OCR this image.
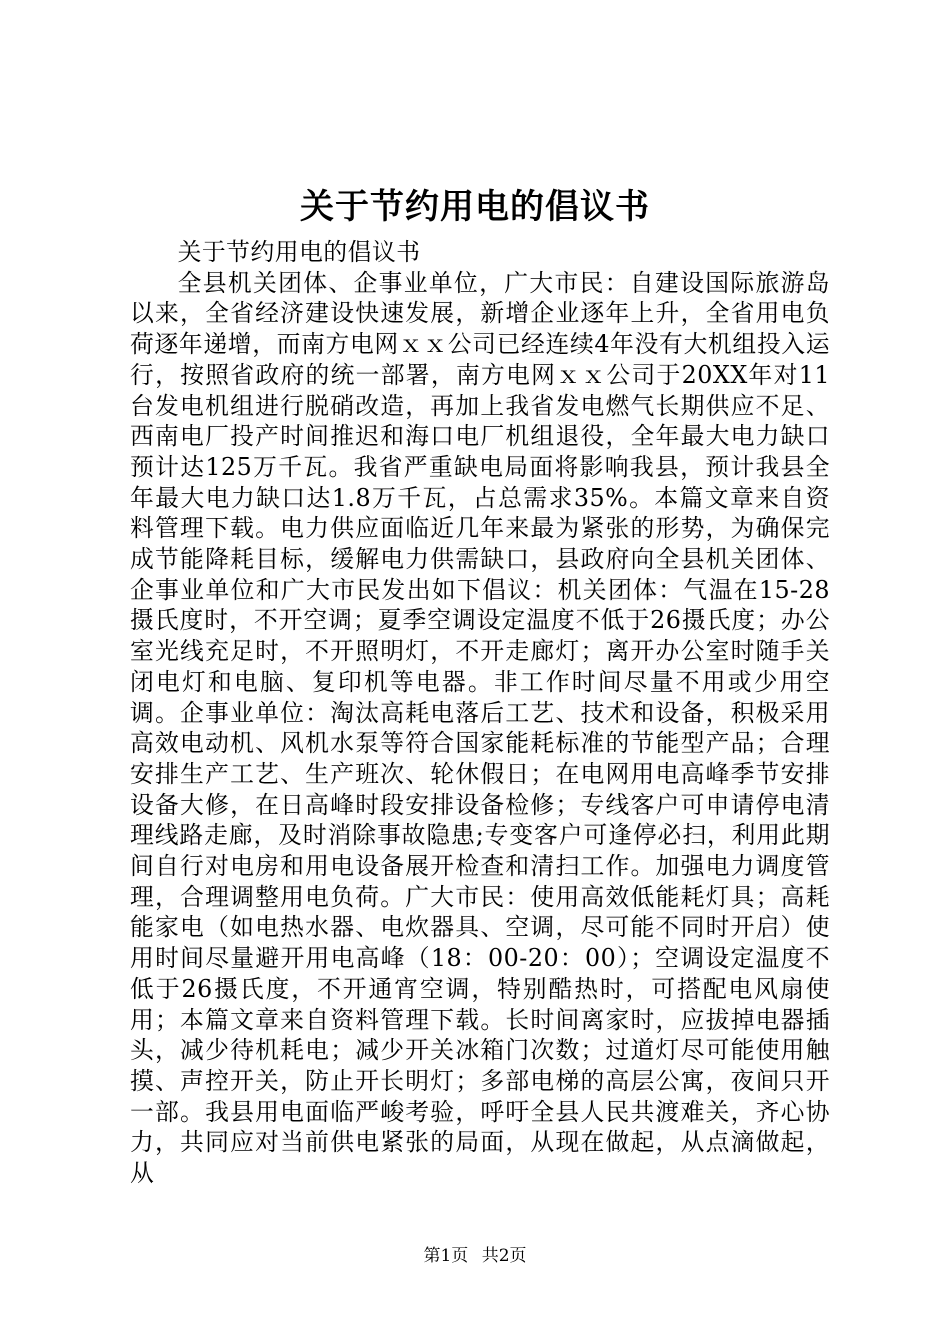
关于节约用电的倡议书

关于节约用电的倡议书

全县机关团体、企事业单位，广大市民：自建设国际旅游岛以来，全省经济建设快速发展，新增企业逐年上升，全省用电负荷逐年递增，而南方电网ｘｘ公司已经连续4年没有大机组投入运行，按照省政府的统一部署，南方电网ｘｘ公司于20XX年对11台发电机组进行脱硝改造，再加上我省发电燃气长期供应不足、西南电厂投产时间推迟和海口电厂机组退役，全年最大电力缺口预计达125万千瓦。我省严重缺电局面将影响我县，预计我县全年最大电力缺口达1.8万千瓦，占总需求35%。本篇文章来自资料管理下载。电力供应面临近几年来最为紧张的形势，为确保完成节能降耗目标，缓解电力供需缺口，县政府向全县机关团体、企事业单位和广大市民发出如下倡议：机关团体：气温在15-28摄氏度时，不开空调；夏季空调设定温度不低于26摄氏度；办公室光线充足时，不开照明灯，不开走廊灯；离开办公室时随手关闭电灯和电脑、复印机等电器。非工作时间尽量不用或少用空调。企事业单位：淘汰高耗电落后工艺、技术和设备，积极采用高效电动机、风机水泵等符合国家能耗标准的节能型产品；合理安排生产工艺、生产班次、轮休假日；在电网用电高峰季节安排设备大修，在日高峰时段安排设备检修；专线客户可申请停电清理线路走廊，及时消除事故隐患;专变客户可逢停必扫，利用此期间自行对电房和用电设备展开检查和清扫工作。加强电力调度管理，合理调整用电负荷。广大市民：使用高效低能耗灯具；高耗能家电（如电热水器、电炊器具、空调，尽可能不同时开启）使用时间尽量避开用电高峰（18：00-20：00）；空调设定温度不低于26摄氏度，不开通宵空调，特别酷热时，可搭配电风扇使用；本篇文章来自资料管理下载。长时间离家时，应拔掉电器插头，减少待机耗电；减少开关冰箱门次数；过道灯尽可能使用触摸、声控开关，防止开长明灯；多部电梯的高层公寓，夜间只开一部。我县用电面临严峻考验，呼吁全县人民共渡难关，齐心协力，共同应对当前供电紧张的局面，从现在做起，从点滴做起，从

第1页 共2页
